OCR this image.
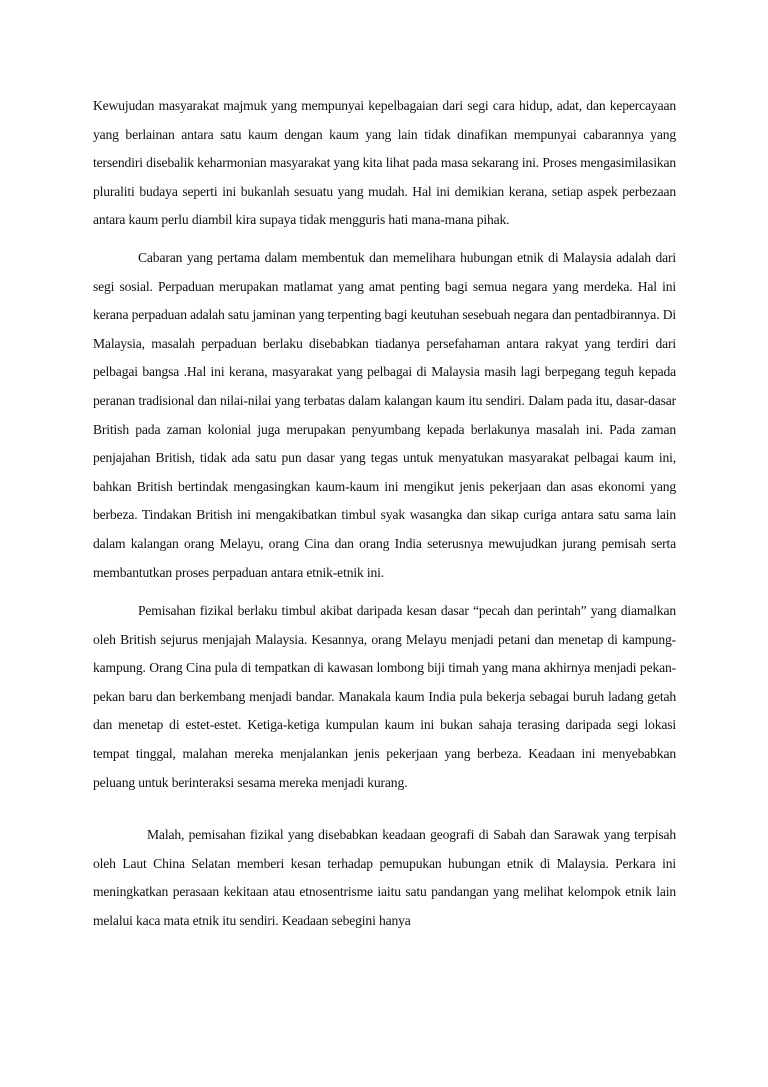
Kewujudan masyarakat majmuk yang mempunyai kepelbagaian dari segi cara hidup, adat, dan kepercayaan yang berlainan antara satu kaum dengan kaum yang lain tidak dinafikan mempunyai cabarannya yang tersendiri disebalik keharmonian masyarakat yang kita lihat pada masa sekarang ini. Proses mengasimilasikan pluraliti budaya seperti ini bukanlah sesuatu yang mudah. Hal ini demikian kerana, setiap aspek perbezaan antara kaum perlu diambil kira supaya tidak mengguris hati mana-mana pihak.

Cabaran yang pertama dalam membentuk dan memelihara hubungan etnik di Malaysia adalah dari segi sosial. Perpaduan merupakan matlamat yang amat penting bagi semua negara yang merdeka. Hal ini kerana perpaduan adalah satu jaminan yang terpenting bagi keutuhan sesebuah negara dan pentadbirannya. Di Malaysia, masalah perpaduan berlaku disebabkan tiadanya persefahaman antara rakyat yang terdiri dari pelbagai bangsa .Hal ini kerana, masyarakat yang pelbagai di Malaysia masih lagi berpegang teguh kepada peranan tradisional dan nilai-nilai yang terbatas dalam kalangan kaum itu sendiri. Dalam pada itu, dasar-dasar British pada zaman kolonial juga merupakan penyumbang kepada berlakunya masalah ini. Pada zaman penjajahan British, tidak ada satu pun dasar yang tegas untuk menyatukan masyarakat pelbagai kaum ini, bahkan British bertindak mengasingkan kaum-kaum ini mengikut jenis pekerjaan dan asas ekonomi yang berbeza. Tindakan British ini mengakibatkan timbul syak wasangka dan sikap curiga antara satu sama lain dalam kalangan orang Melayu, orang Cina dan orang India seterusnya mewujudkan jurang pemisah serta membantutkan proses perpaduan antara etnik-etnik ini.

Pemisahan fizikal berlaku timbul akibat daripada kesan dasar “pecah dan perintah” yang diamalkan oleh British sejurus menjajah Malaysia. Kesannya, orang Melayu menjadi petani dan menetap di kampung-kampung. Orang Cina pula di tempatkan di kawasan lombong biji timah yang mana akhirnya menjadi pekan-pekan baru dan berkembang menjadi bandar. Manakala kaum India pula bekerja sebagai buruh ladang getah dan menetap di estet-estet. Ketiga-ketiga kumpulan kaum ini bukan sahaja terasing daripada segi lokasi tempat tinggal, malahan mereka menjalankan jenis pekerjaan yang berbeza. Keadaan ini menyebabkan peluang untuk berinteraksi sesama mereka menjadi kurang.

Malah, pemisahan fizikal yang disebabkan keadaan geografi di Sabah dan Sarawak yang terpisah oleh Laut China Selatan memberi kesan terhadap pemupukan hubungan etnik di Malaysia. Perkara ini meningkatkan perasaan kekitaan atau etnosentrisme iaitu satu pandangan yang melihat kelompok etnik lain melalui kaca mata etnik itu sendiri. Keadaan sebegini hanya
